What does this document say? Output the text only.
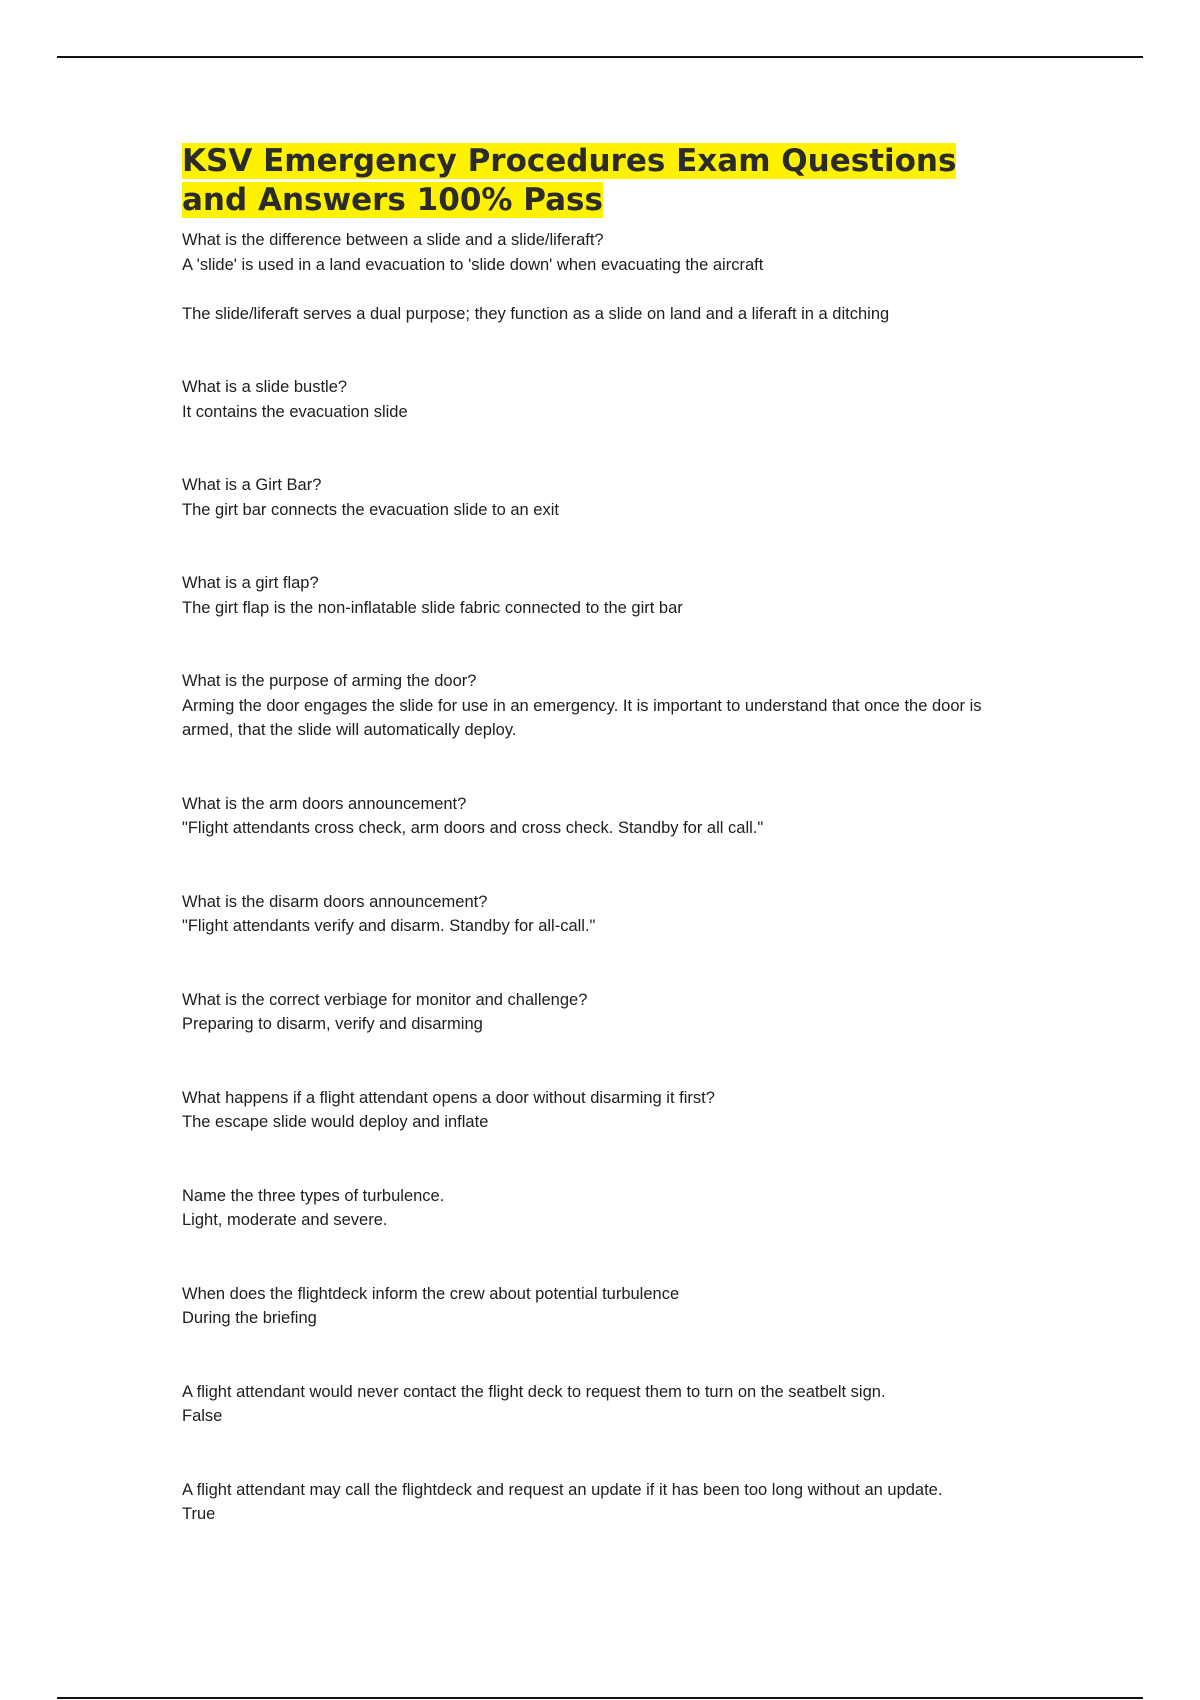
KSV Emergency Procedures Exam Questions and Answers 100% Pass

What is the difference between a slide and a slide/liferaft?

A 'slide' is used in a land evacuation to 'slide down' when evacuating the aircraft

The slide/liferaft serves a dual purpose; they function as a slide on land and a liferaft in a ditching

What is a slide bustle?

It contains the evacuation slide

What is a Girt Bar?

The girt bar connects the evacuation slide to an exit

What is a girt flap?

The girt flap is the non-inflatable slide fabric connected to the girt bar

What is the purpose of arming the door?

Arming the door engages the slide for use in an emergency. It is important to understand that once the door is armed, that the slide will automatically deploy.

What is the arm doors announcement?

"Flight attendants cross check, arm doors and cross check. Standby for all call."

What is the disarm doors announcement?

"Flight attendants verify and disarm. Standby for all-call."

What is the correct verbiage for monitor and challenge?

Preparing to disarm, verify and disarming

What happens if a flight attendant opens a door without disarming it first?

The escape slide would deploy and inflate

Name the three types of turbulence.

Light, moderate and severe.

When does the flightdeck inform the crew about potential turbulence

During the briefing

A flight attendant would never contact the flight deck to request them to turn on the seatbelt sign.

False

A flight attendant may call the flightdeck and request an update if it has been too long without an update.

True
